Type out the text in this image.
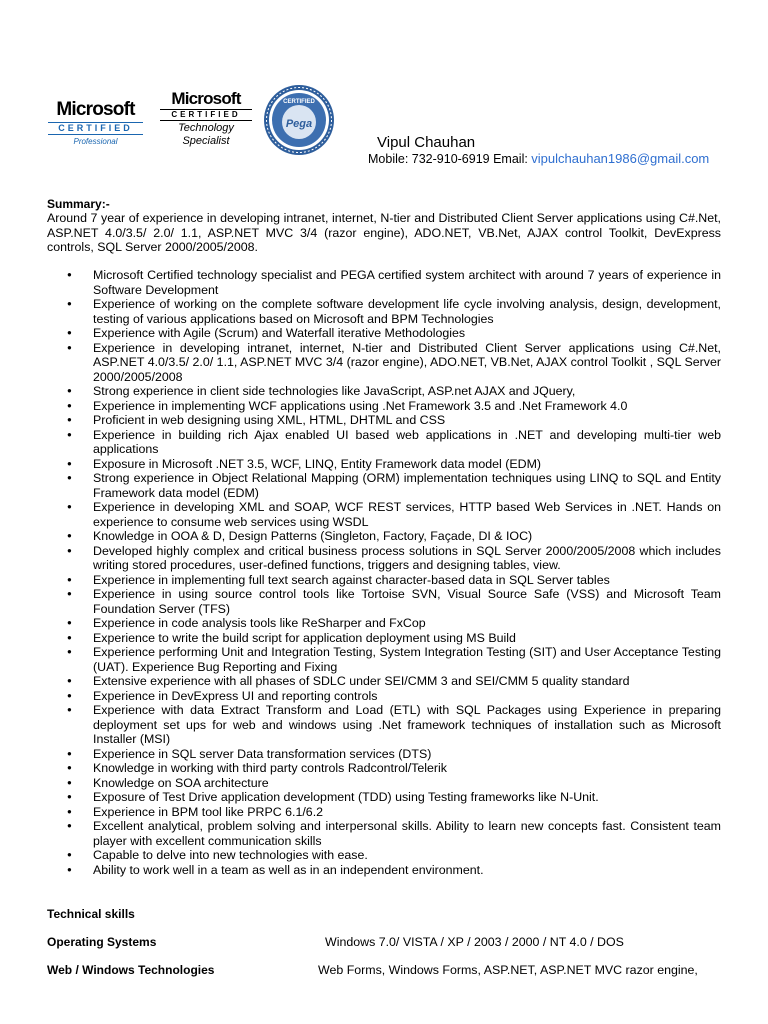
Microsoft
CERTIFIED
Professional
Microsoft
CERTIFIED
Technology
Specialist
CERTIFIED
Pega
Vipul Chauhan
Mobile: 732-910-6919 Email: vipulchauhan1986@gmail.com
Summary:-
Around 7 year of experience in developing intranet, internet, N-tier and Distributed Client Server applications using C#.Net, ASP.NET 4.0/3.5/ 2.0/ 1.1, ASP.NET MVC 3/4 (razor engine), ADO.NET, VB.Net, AJAX control Toolkit, DevExpress controls, SQL Server 2000/2005/2008.
● Microsoft Certified technology specialist and PEGA certified system architect with around 7 years of experience in Software Development
● Experience of working on the complete software development life cycle involving analysis, design, development, testing of various applications based on Microsoft and BPM Technologies
● Experience with Agile (Scrum) and Waterfall iterative Methodologies
● Experience in developing intranet, internet, N-tier and Distributed Client Server applications using C#.Net, ASP.NET 4.0/3.5/ 2.0/ 1.1, ASP.NET MVC 3/4 (razor engine), ADO.NET, VB.Net, AJAX control Toolkit , SQL Server 2000/2005/2008
● Strong experience in client side technologies like JavaScript, ASP.net AJAX and JQuery,
● Experience in implementing WCF applications using .Net Framework 3.5 and .Net Framework 4.0
● Proficient in web designing using XML, HTML, DHTML and CSS
● Experience in building rich Ajax enabled UI based web applications in .NET and developing multi-tier web applications
● Exposure in Microsoft .NET 3.5, WCF, LINQ, Entity Framework data model (EDM)
● Strong experience in Object Relational Mapping (ORM) implementation techniques using LINQ to SQL and Entity Framework data model (EDM)
● Experience in developing XML and SOAP, WCF REST services, HTTP based Web Services in .NET. Hands on experience to consume web services using WSDL
● Knowledge in OOA & D, Design Patterns (Singleton, Factory, Façade, DI & IOC)
● Developed highly complex and critical business process solutions in SQL Server 2000/2005/2008 which includes writing stored procedures, user-defined functions, triggers and designing tables, view.
● Experience in implementing full text search against character-based data in SQL Server tables
● Experience in using source control tools like Tortoise SVN, Visual Source Safe (VSS) and Microsoft Team Foundation Server (TFS)
● Experience in code analysis tools like ReSharper and FxCop
● Experience to write the build script for application deployment using MS Build
● Experience performing Unit and Integration Testing, System Integration Testing (SIT) and User Acceptance Testing (UAT). Experience Bug Reporting and Fixing
● Extensive experience with all phases of SDLC under SEI/CMM 3 and SEI/CMM 5 quality standard
● Experience in DevExpress UI and reporting controls
● Experience with data Extract Transform and Load (ETL) with SQL Packages using Experience in preparing deployment set ups for web and windows using .Net framework techniques of installation such as Microsoft Installer (MSI)
● Experience in SQL server Data transformation services (DTS)
● Knowledge in working with third party controls Radcontrol/Telerik
● Knowledge on SOA architecture
● Exposure of Test Drive application development (TDD) using Testing frameworks like N-Unit.
● Experience in BPM tool like PRPC 6.1/6.2
● Excellent analytical, problem solving and interpersonal skills. Ability to learn new concepts fast. Consistent team player with excellent communication skills
● Capable to delve into new technologies with ease.
● Ability to work well in a team as well as in an independent environment.
Technical skills
Operating Systems	Windows 7.0/ VISTA / XP / 2003 / 2000 / NT 4.0 / DOS
Web / Windows Technologies	Web Forms, Windows Forms, ASP.NET, ASP.NET MVC razor engine,
